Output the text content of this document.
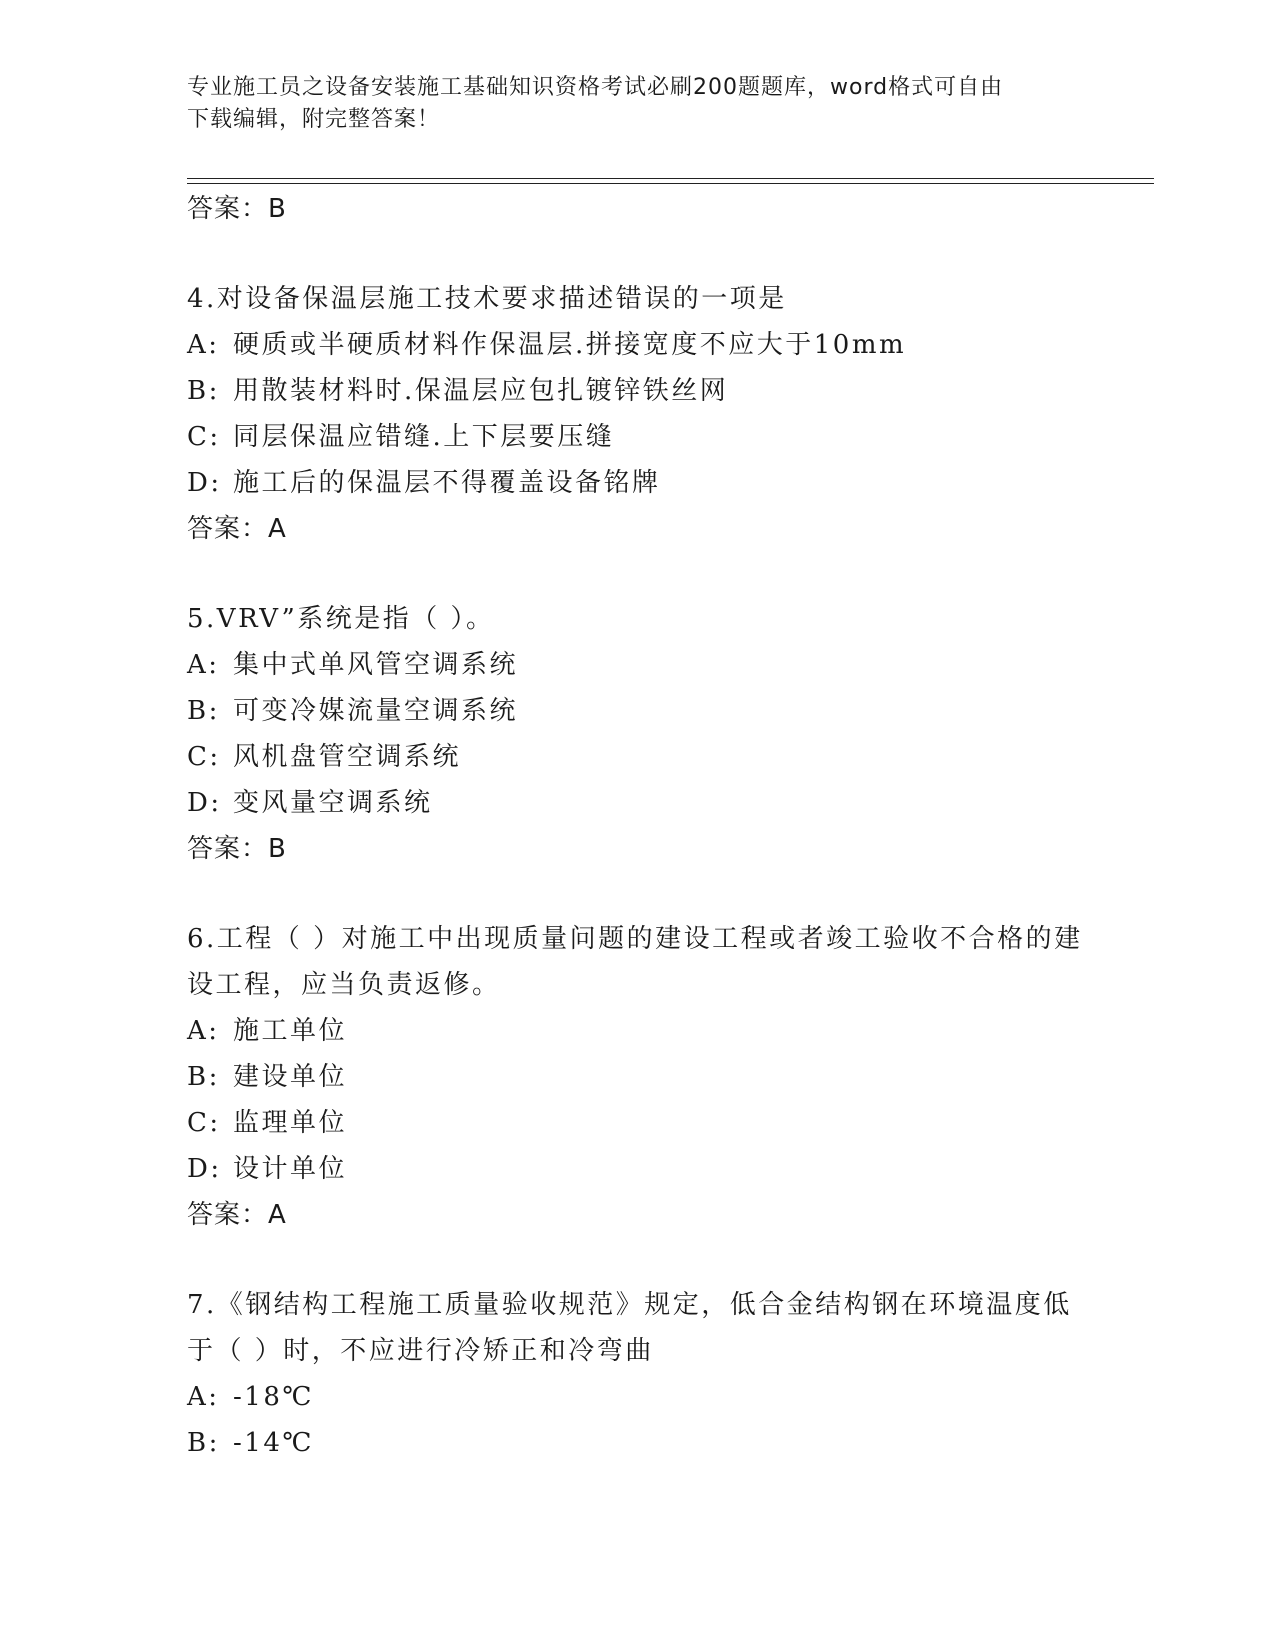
专业施工员之设备安装施工基础知识资格考试必刷200题题库，word格式可自由
下载编辑，附完整答案！
答案：B
4.对设备保温层施工技术要求描述错误的一项是
A: 硬质或半硬质材料作保温层.拼接宽度不应大于10mm
B: 用散装材料时.保温层应包扎镀锌铁丝网
C: 同层保温应错缝.上下层要压缝
D: 施工后的保温层不得覆盖设备铭牌
答案：A
5.VRV”系统是指（ ）。
A: 集中式单风管空调系统
B: 可变冷媒流量空调系统
C: 风机盘管空调系统
D: 变风量空调系统
答案：B
6.工程（ ）对施工中出现质量问题的建设工程或者竣工验收不合格的建设工程，应当负责返修。
A: 施工单位
B: 建设单位
C: 监理单位
D: 设计单位
答案：A
7.《钢结构工程施工质量验收规范》规定，低合金结构钢在环境温度低于（ ）时，不应进行冷矫正和冷弯曲
A: -18℃
B: -14℃
